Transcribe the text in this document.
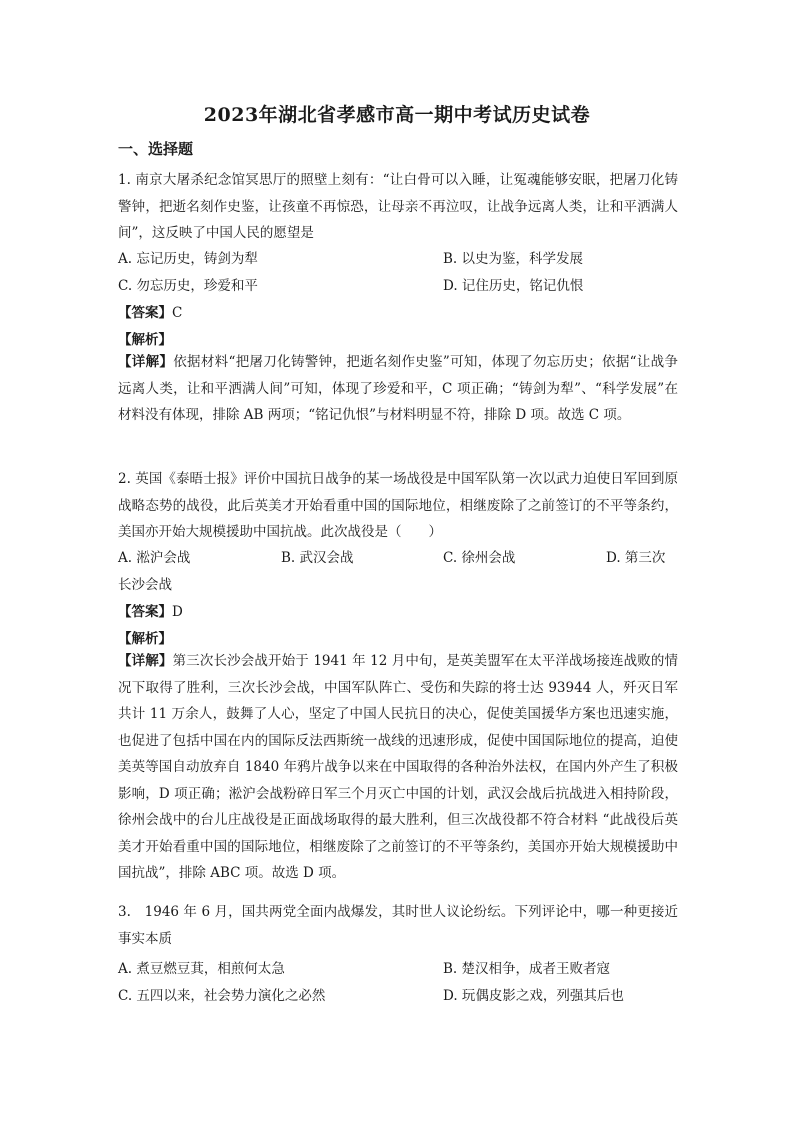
2023年湖北省孝感市高一期中考试历史试卷
一、选择题
1. 南京大屠杀纪念馆冥思厅的照壁上刻有：“让白骨可以入睡，让冤魂能够安眠，把屠刀化铸警钟，把逝名刻作史鉴，让孩童不再惊恐，让母亲不再泣叹，让战争远离人类，让和平洒满人间”，这反映了中国人民的愿望是
A. 忘记历史，铸剑为犁	B. 以史为鉴，科学发展
C. 勿忘历史，珍爱和平	D. 记住历史，铭记仇恨
【答案】C
【解析】
【详解】依据材料“把屠刀化铸警钟，把逝名刻作史鉴”可知，体现了勿忘历史；依据“让战争远离人类，让和平洒满人间”可知，体现了珍爱和平，C 项正确；“铸剑为犁”、“科学发展”在材料没有体现，排除 AB 两项；“铭记仇恨”与材料明显不符，排除 D 项。故选 C 项。
2. 英国《泰晤士报》评价中国抗日战争的某一场战役是中国军队第一次以武力迫使日军回到原战略态势的战役，此后英美才开始看重中国的国际地位，相继废除了之前签订的不平等条约，美国亦开始大规模援助中国抗战。此次战役是（　　）
A. 淞沪会战	B. 武汉会战	C. 徐州会战	D. 第三次
长沙会战
【答案】D
【解析】
【详解】第三次长沙会战开始于 1941 年 12 月中旬，是英美盟军在太平洋战场接连战败的情况下取得了胜利，三次长沙会战，中国军队阵亡、受伤和失踪的将士达 93944 人，歼灭日军共计 11 万余人，鼓舞了人心，坚定了中国人民抗日的决心，促使美国援华方案也迅速实施，也促进了包括中国在内的国际反法西斯统一战线的迅速形成，促使中国国际地位的提高，迫使美英等国自动放弃自 1840 年鸦片战争以来在中国取得的各种治外法权，在国内外产生了积极影响，D 项正确；淞沪会战粉碎日军三个月灭亡中国的计划，武汉会战后抗战进入相持阶段，徐州会战中的台儿庄战役是正面战场取得的最大胜利，但三次战役都不符合材料 “此战役后英美才开始看重中国的国际地位，相继废除了之前签订的不平等条约，美国亦开始大规模援助中国抗战”，排除 ABC 项。故选 D 项。
3.　1946 年 6 月，国共两党全面内战爆发，其时世人议论纷纭。下列评论中，哪一种更接近事实本质
A. 煮豆燃豆萁，相煎何太急	B. 楚汉相争，成者王败者寇
C. 五四以来，社会势力演化之必然	D. 玩偶皮影之戏，列强其后也
